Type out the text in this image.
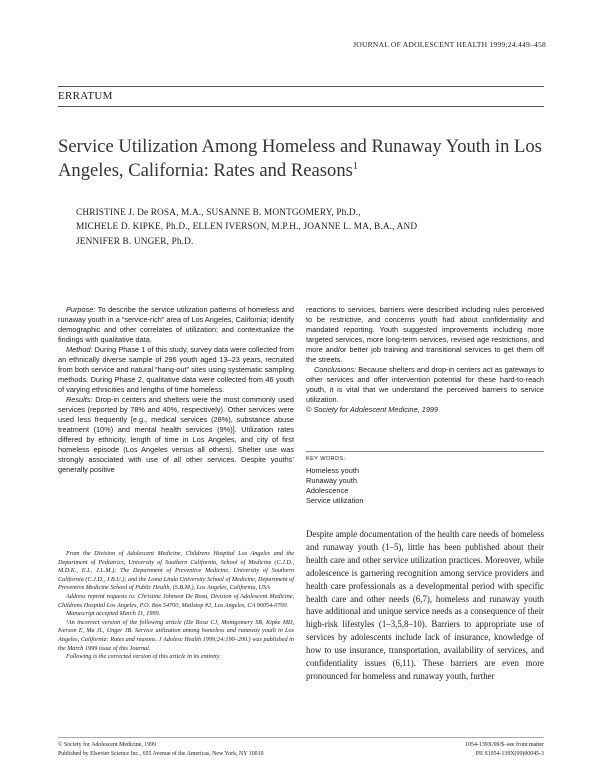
JOURNAL OF ADOLESCENT HEALTH 1999;24:449–458
ERRATUM
Service Utilization Among Homeless and Runaway Youth in Los Angeles, California: Rates and Reasons$^1$
CHRISTINE J. De ROSA, M.A., SUSANNE B. MONTGOMERY, Ph.D.,
MICHELE D. KIPKE, Ph.D., ELLEN IVERSON, M.P.H., JOANNE L. MA, B.A., AND
JENNIFER B. UNGER, Ph.D.

Purpose: To describe the service utilization patterns of homeless and runaway youth in a “service-rich” area of Los Angeles, California; identify demographic and other correlates of utilization; and contextualize the findings with qualitative data.

Method: During Phase 1 of this study, survey data were collected from an ethnically diverse sample of 296 youth aged 13–23 years, recruited from both service and natural “hang-out” sites using systematic sampling methods. During Phase 2, qualitative data were collected from 46 youth of varying ethnicities and lengths of time homeless.

Results: Drop-in centers and shelters were the most commonly used services (reported by 78% and 40%, respectively). Other services were used less frequently [e.g., medical services (28%), substance abuse treatment (10%) and mental health services (9%)]. Utilization rates differed by ethnicity, length of time in Los Angeles, and city of first homeless episode (Los Angeles versus all others). Shelter use was strongly associated with use of all other services. Despite youths’ generally positive

reactions to services, barriers were described including rules perceived to be restrictive, and concerns youth had about confidentiality and mandated reporting. Youth suggested improvements including more targeted services, more long-term services, revised age restrictions, and more and/or better job training and transitional services to get them off the streets.

Conclusions: Because shelters and drop-in centers act as gateways to other services and offer intervention potential for these hard-to-reach youth, it is vital that we understand the perceived barriers to service utilization.

© Society for Adolescent Medicine, 1999

KEY WORDS:
Homeless youth
Runaway youth
Adolescence
Service utilization
Despite ample documentation of the health care needs of homeless and runaway youth (1–5), little has been published about their health care and other service utilization practices. Moreover, while adolescence is garnering recognition among service providers and health care professionals as a developmental period with specific health care and other needs (6,7), homeless and runaway youth have additional and unique service needs as a consequence of their high-risk lifestyles (1–3,5,8–10). Barriers to appropriate use of services by adolescents include lack of insurance, knowledge of how to use insurance, transportation, availability of services, and confidentiality issues (6,11). These barriers are even more pronounced for homeless and runaway youth, further

From the Division of Adolescent Medicine, Childrens Hospital Los Angeles and the Department of Pediatrics, University of Southern California, School of Medicine (C.J.D., M.D.K., E.I., J.L.M.); The Department of Preventive Medicine, University of Southern California (C.J.D., J.B.U.); and the Loma Linda University School of Medicine, Department of Preventive Medicine School of Public Health, (S.B.M.), Los Angeles, California, USA

Address reprint requests to: Christine Johnson De Rosa, Division of Adolescent Medicine, Childrens Hospital Los Angeles, P.O. Box 54700, Mailstop #2, Los Angeles, CA 90054-0700.

Manuscript accepted March 11, 1999.

¹An incorrect version of the following article (De Rosa CJ, Montgomery SB, Kipke MD, Iverson E, Ma JL, Unger JB. Service utilization among homeless and runaway youth in Los Angeles, California: Rates and reasons. J Adolesc Health 1999;24:190–200.) was published in the March 1999 issue of this Journal.

Following is the corrected version of this article in its entirety.

© Society for Adolescent Medicine, 1999
Published by Elsevier Science Inc., 655 Avenue of the Americas, New York, NY 10010
1054-139X/99/$–see front matter
PII S1054-139X(99)00045-3
